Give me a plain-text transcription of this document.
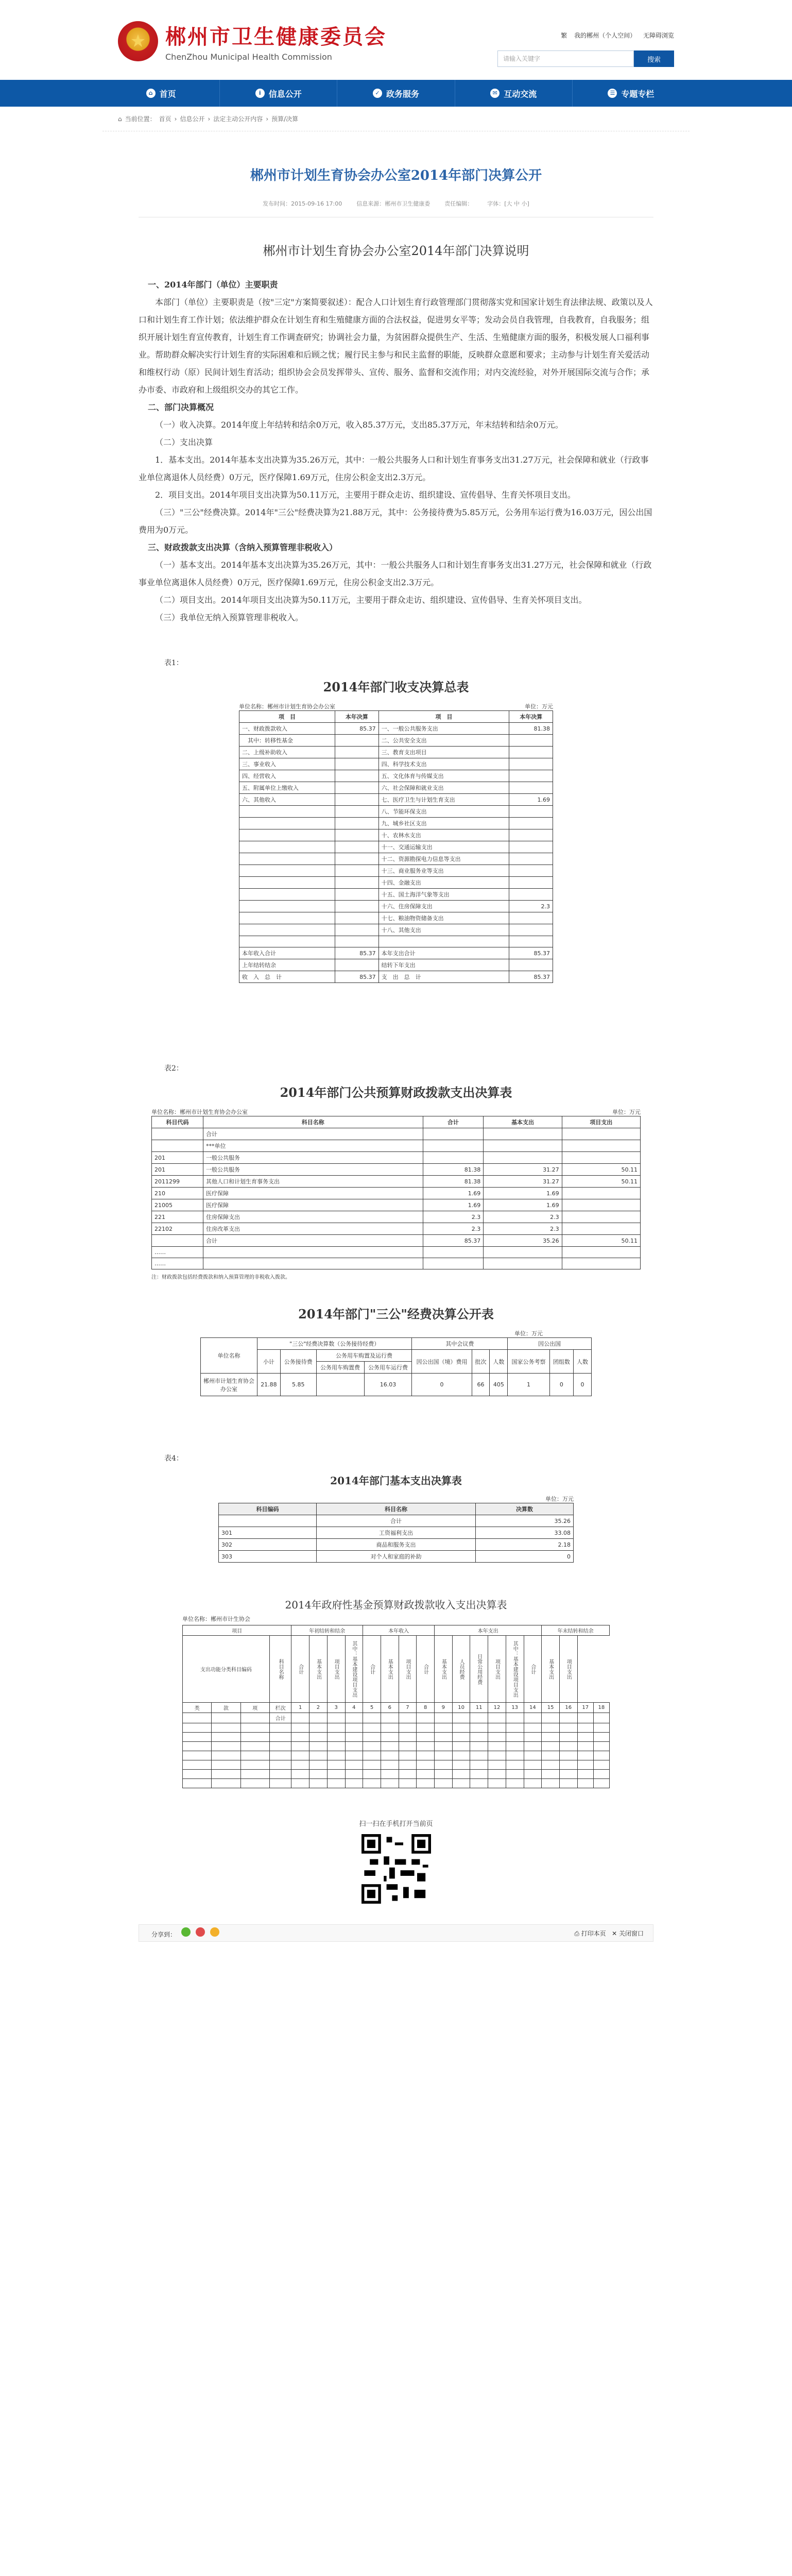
★ 郴州市卫生健康委员会
ChenZhou Municipal Health Commission
繁 我的郴州（个人空间） 无障碍浏览
请输入关键字	搜索
⌂ 首页	i 信息公开	✓ 政务服务	✉ 互动交流	☰ 专题专栏
⌂ 当前位置： 首页 › 信息公开 › 法定主动公开内容 › 预算/决算
郴州市计划生育协会办公室2014年部门决算公开
发布时间：2015-09-16 17:00	信息来源：郴州市卫生健康委	责任编辑：	字体：[大 中 小]
郴州市计划生育协会办公室2014年部门决算说明
一、2014年部门（单位）主要职责

本部门（单位）主要职责是（按"三定"方案简要叙述）：配合人口计划生育行政管理部门贯彻落实党和国家计划生育法律法规、政策以及人口和计划生育工作计划；依法维护群众在计划生育和生殖健康方面的合法权益，促进男女平等；发动会员自我管理，自我教育，自我服务；组织开展计划生育宣传教育，计划生育工作调查研究；协调社会力量，为贫困群众提供生产、生活、生殖健康方面的服务，积极发展人口福利事业。帮助群众解决实行计划生育的实际困难和后顾之忧；履行民主参与和民主监督的职能，反映群众意愿和要求；主动参与计划生育关爱活动和维权行动（原）民间计划生育活动；组织协会会员发挥带头、宣传、服务、监督和交流作用；对内交流经验，对外开展国际交流与合作；承办市委、市政府和上级组织交办的其它工作。

二、部门决算概况

（一）收入决算。2014年度上年结转和结余0万元，收入85.37万元，支出85.37万元，年末结转和结余0万元。

（二）支出决算

1．基本支出。2014年基本支出决算为35.26万元，其中：一般公共服务人口和计划生育事务支出31.27万元，社会保障和就业（行政事业单位离退休人员经费）0万元，医疗保障1.69万元，住房公积金支出2.3万元。

2．项目支出。2014年项目支出决算为50.11万元，主要用于群众走访、组织建设、宣传倡导、生育关怀项目支出。

（三）"三公"经费决算。2014年"三公"经费决算为21.88万元，其中：公务接待费为5.85万元，公务用车运行费为16.03万元，因公出国费用为0万元。

三、财政拨款支出决算（含纳入预算管理非税收入）

（一）基本支出。2014年基本支出决算为35.26万元，其中：一般公共服务人口和计划生育事务支出31.27万元，社会保障和就业（行政事业单位离退休人员经费）0万元，医疗保障1.69万元，住房公积金支出2.3万元。

（二）项目支出。2014年项目支出决算为50.11万元，主要用于群众走访、组织建设、宣传倡导、生育关怀项目支出。

（三）我单位无纳入预算管理非税收入。

表1：
2014年部门收支决算总表
单位名称：郴州市计划生育协会办公室	单位：万元
项　目	本年决算	项　目	本年决算
一、财政拨款收入	85.37	一、一般公共服务支出	81.38
　其中：转移性基金		二、公共安全支出	
二、上级补助收入		三、教育支出项目	
三、事业收入		四、科学技术支出	
四、经营收入		五、文化体育与传媒支出	
五、附属单位上缴收入		六、社会保障和就业支出	
六、其他收入		七、医疗卫生与计划生育支出	1.69
		八、节能环保支出	
		九、城乡社区支出	
		十、农林水支出	
		十一、交通运输支出	
		十二、资源勘探电力信息等支出	
		十三、商业服务业等支出	
		十四、金融支出	
		十五、国土海洋气象等支出	
		十六、住房保障支出	2.3
		十七、粮油物资储备支出	
		十八、其他支出	

本年收入合计	85.37	本年支出合计	85.37
上年结转结余		结转下年支出	
收　入　总　计	85.37	支　出　总　计	85.37
表2：
2014年部门公共预算财政拨款支出决算表
单位名称：郴州市计划生育协会办公室	单位：万元
科目代码	科目名称	合计	基本支出	项目支出
	合计			
	***单位			
201	一般公共服务			
201	一般公共服务	81.38	31.27	50.11
2011299	其他人口和计划生育事务支出	81.38	31.27	50.11
210	医疗保障	1.69	1.69	
21005	医疗保障	1.69	1.69	
221	住房保障支出	2.3	2.3	
22102	住房改革支出	2.3	2.3	
	合计	85.37	35.26	50.11
……				
……				
注：财政拨款包括经费拨款和纳入预算管理的非税收入拨款。
2014年部门"三公"经费决算公开表
单位：万元
单位名称	"三公"经费决算数（公务接待经费）				其中会议费			因公出国		
	小计	公务接待费	公务用车购置及运行费		因公出国（境）费用	批次	人数	国家公务考察	团组数	人数
			公务用车购置费	公务用车运行费						
郴州市计划生育协会办公室	21.88	5.85		16.03	0	66	405	1	0	0
表4：
2014年部门基本支出决算表
单位：万元
科目编码	科目名称	决算数
	合计	35.26
301	工资福利支出	33.08
302	商品和服务支出	2.18
303	对个人和家庭的补助	0
2014年政府性基金预算财政拨款收入支出决算表
单位名称：郴州市计生协会
项目				年初结转和结余				本年收入				本年支出						年末结转和结余			
支出功能分类科目编码			科目名称	合计	基本支出	项目支出	其中：基本建设项目支出	合计	基本支出	项目支出	合计	基本支出	人员经费	日常公用经费	项目支出	其中：基本建设项目支出	合计	基本支出	项目支出		
类	款	项	栏次	1	2	3	4	5	6	7	8	9	10	11	12	13	14	15	16	17	18
			合计																		

扫一扫在手机打开当前页
分享到：	⎙ 打印本页 ✕ 关闭窗口
